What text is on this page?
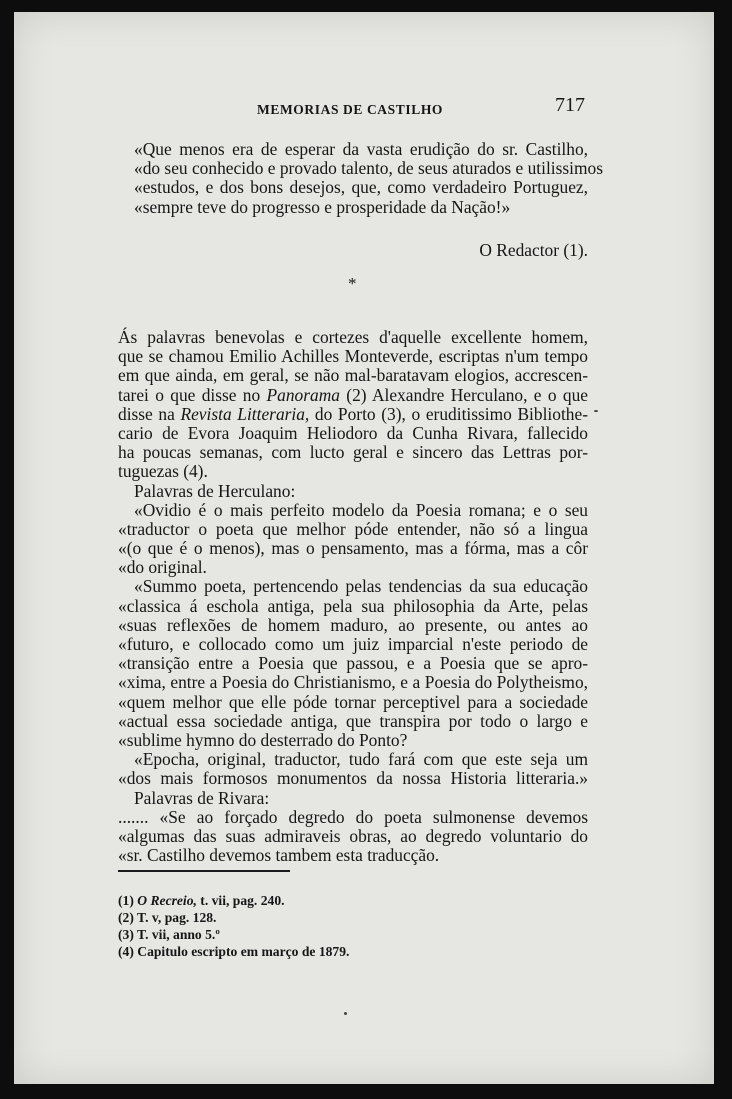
MEMORIAS DE CASTILHO	717
«Que menos era de esperar da vasta erudição do sr. Castilho,
«do seu conhecido e provado talento, de seus aturados e utilissimos
«estudos, e dos bons desejos, que, como verdadeiro Portuguez,
«sempre teve do progresso e prosperidade da Nação!»
O Redactor (1).
*
Ás palavras benevolas e cortezes d'aquelle excellente homem,
que se chamou Emilio Achilles Monteverde, escriptas n'um tempo
em que ainda, em geral, se não mal-baratavam elogios, accrescen-
tarei o que disse no Panorama (2) Alexandre Herculano, e o que
disse na Revista Litteraria, do Porto (3), o eruditissimo Bibliothe-
cario de Evora Joaquim Heliodoro da Cunha Rivara, fallecido
ha poucas semanas, com lucto geral e sincero das Lettras por-
tuguezas (4).
Palavras de Herculano:
«Ovidio é o mais perfeito modelo da Poesia romana; e o seu
«traductor o poeta que melhor póde entender, não só a lingua
«(o que é o menos), mas o pensamento, mas a fórma, mas a côr
«do original.
«Summo poeta, pertencendo pelas tendencias da sua educação
«classica á eschola antiga, pela sua philosophia da Arte, pelas
«suas reflexões de homem maduro, ao presente, ou antes ao
«futuro, e collocado como um juiz imparcial n'este periodo de
«transição entre a Poesia que passou, e a Poesia que se apro-
«xima, entre a Poesia do Christianismo, e a Poesia do Polytheismo,
«quem melhor que elle póde tornar perceptivel para a sociedade
«actual essa sociedade antiga, que transpira por todo o largo e
«sublime hymno do desterrado do Ponto?
«Epocha, original, traductor, tudo fará com que este seja um
«dos mais formosos monumentos da nossa Historia litteraria.»
Palavras de Rivara:
....... «Se ao forçado degredo do poeta sulmonense devemos
«algumas das suas admiraveis obras, ao degredo voluntario do
«sr. Castilho devemos tambem esta traducção.
(1) O Recreio, t. vii, pag. 240.
(2) T. v, pag. 128.
(3) T. vii, anno 5.º
(4) Capitulo escripto em março de 1879.
